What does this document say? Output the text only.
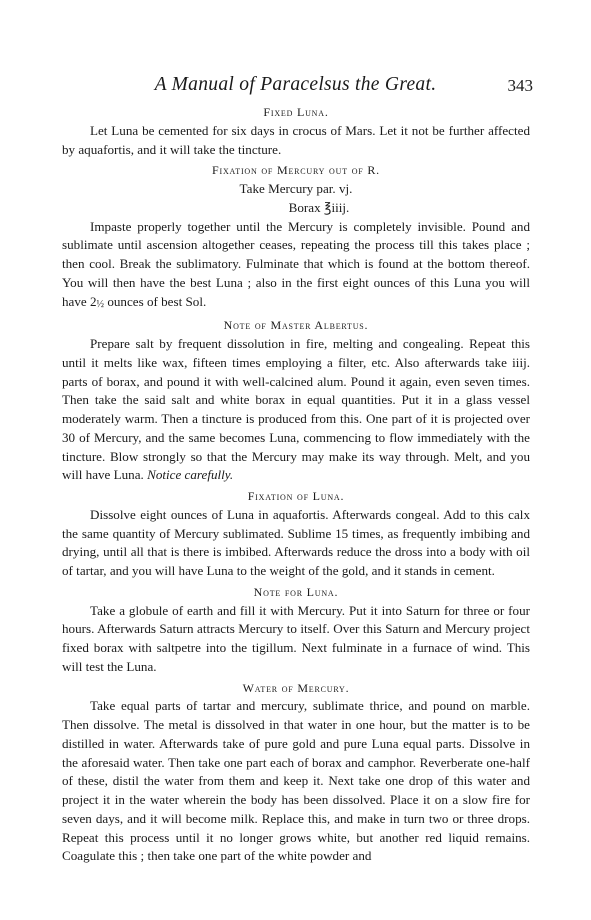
A Manual of Paracelsus the Great.	343

Fixed Luna.

Let Luna be cemented for six days in crocus of Mars. Let it not be further affected by aquafortis, and it will take the tincture.

Fixation of Mercury out of R.

Take Mercury par. vj.

Borax ℥iiij.

Impaste properly together until the Mercury is completely invisible. Pound and sublimate until ascension altogether ceases, repeating the process till this takes place ; then cool. Break the sublimatory. Fulminate that which is found at the bottom thereof. You will then have the best Luna ; also in the first eight ounces of this Luna you will have 2½ ounces of best Sol.

Note of Master Albertus.

Prepare salt by frequent dissolution in fire, melting and congealing. Repeat this until it melts like wax, fifteen times employing a filter, etc. Also afterwards take iiij. parts of borax, and pound it with well-calcined alum. Pound it again, even seven times. Then take the said salt and white borax in equal quantities. Put it in a glass vessel moderately warm. Then a tincture is produced from this. One part of it is projected over 30 of Mercury, and the same becomes Luna, commencing to flow immediately with the tincture. Blow strongly so that the Mercury may make its way through. Melt, and you will have Luna. Notice carefully.

Fixation of Luna.

Dissolve eight ounces of Luna in aquafortis. Afterwards congeal. Add to this calx the same quantity of Mercury sublimated. Sublime 15 times, as frequently imbibing and drying, until all that is there is imbibed. Afterwards reduce the dross into a body with oil of tartar, and you will have Luna to the weight of the gold, and it stands in cement.

Note for Luna.

Take a globule of earth and fill it with Mercury. Put it into Saturn for three or four hours. Afterwards Saturn attracts Mercury to itself. Over this Saturn and Mercury project fixed borax with saltpetre into the tigillum. Next fulminate in a furnace of wind. This will test the Luna.

Water of Mercury.

Take equal parts of tartar and mercury, sublimate thrice, and pound on marble. Then dissolve. The metal is dissolved in that water in one hour, but the matter is to be distilled in water. Afterwards take of pure gold and pure Luna equal parts. Dissolve in the aforesaid water. Then take one part each of borax and camphor. Reverberate one-half of these, distil the water from them and keep it. Next take one drop of this water and project it in the water wherein the body has been dissolved. Place it on a slow fire for seven days, and it will become milk. Replace this, and make in turn two or three drops. Repeat this process until it no longer grows white, but another red liquid remains. Coagulate this ; then take one part of the white powder and
